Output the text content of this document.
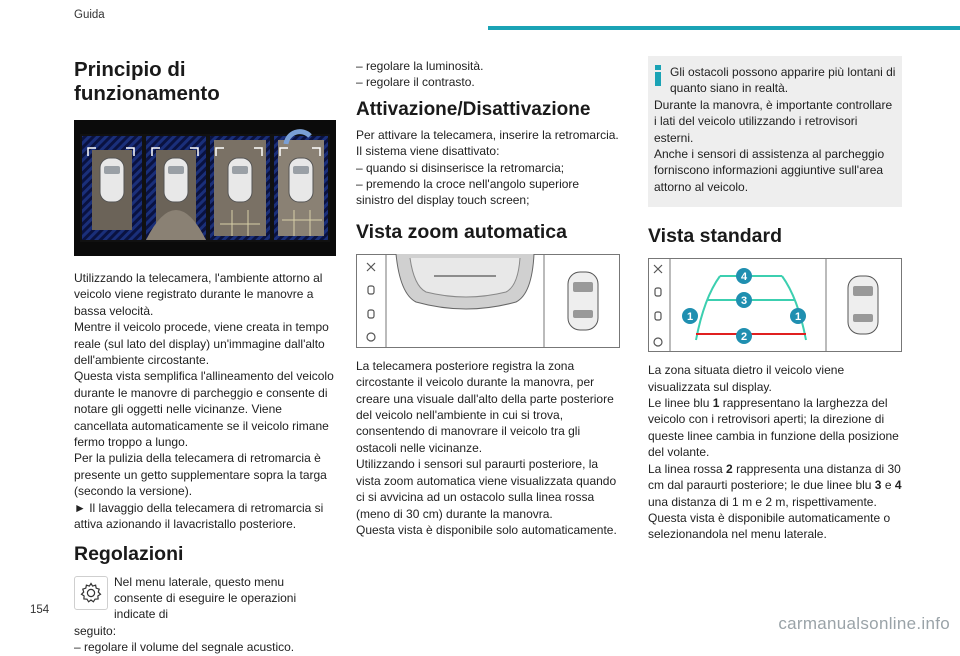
Guida
Principio di funzionamento

Utilizzando la telecamera, l'ambiente attorno al veicolo viene registrato durante le manovre a bassa velocità.

Mentre il veicolo procede, viene creata in tempo reale (sul lato del display) un'immagine dall'alto dell'ambiente circostante.

Questa vista semplifica l'allineamento del veicolo durante le manovre di parcheggio e consente di notare gli oggetti nelle vicinanze. Viene cancellata automaticamente se il veicolo rimane fermo troppo a lungo.

Per la pulizia della telecamera di retromarcia è presente un getto supplementare sopra la targa (secondo la versione).

► Il lavaggio della telecamera di retromarcia si attiva azionando il lavacristallo posteriore.

Regolazioni

Nel menu laterale, questo menu consente di eseguire le operazioni indicate di

seguito:

– regolare il volume del segnale acustico.

– regolare la luminosità.

– regolare il contrasto.

Attivazione/Disattivazione

Per attivare la telecamera, inserire la retromarcia.

Il sistema viene disattivato:

– quando si disinserisce la retromarcia;

– premendo la croce nell'angolo superiore sinistro del display touch screen;

Vista zoom automatica

La telecamera posteriore registra la zona circostante il veicolo durante la manovra, per creare una visuale dall'alto della parte posteriore del veicolo nell'ambiente in cui si trova, consentendo di manovrare il veicolo tra gli ostacoli nelle vicinanze.

Utilizzando i sensori sul paraurti posteriore, la vista zoom automatica viene visualizzata quando ci si avvicina ad un ostacolo sulla linea rossa (meno di 30 cm) durante la manovra.

Questa vista è disponibile solo automaticamente.

Gli ostacoli possono apparire più lontani di quanto siano in realtà.

Durante la manovra, è importante controllare i lati del veicolo utilizzando i retrovisori esterni.

Anche i sensori di assistenza al parcheggio forniscono informazioni aggiuntive sull'area attorno al veicolo.

Vista standard
1	1
2
3
4

La zona situata dietro il veicolo viene visualizzata sul display.

Le linee blu 1 rappresentano la larghezza del veicolo con i retrovisori aperti; la direzione di queste linee cambia in funzione della posizione del volante.

La linea rossa 2 rappresenta una distanza di 30 cm dal paraurti posteriore; le due linee blu 3 e 4 una distanza di 1 m e 2 m, rispettivamente.

Questa vista è disponibile automaticamente o selezionandola nel menu laterale.

154
carmanualsonline.info
